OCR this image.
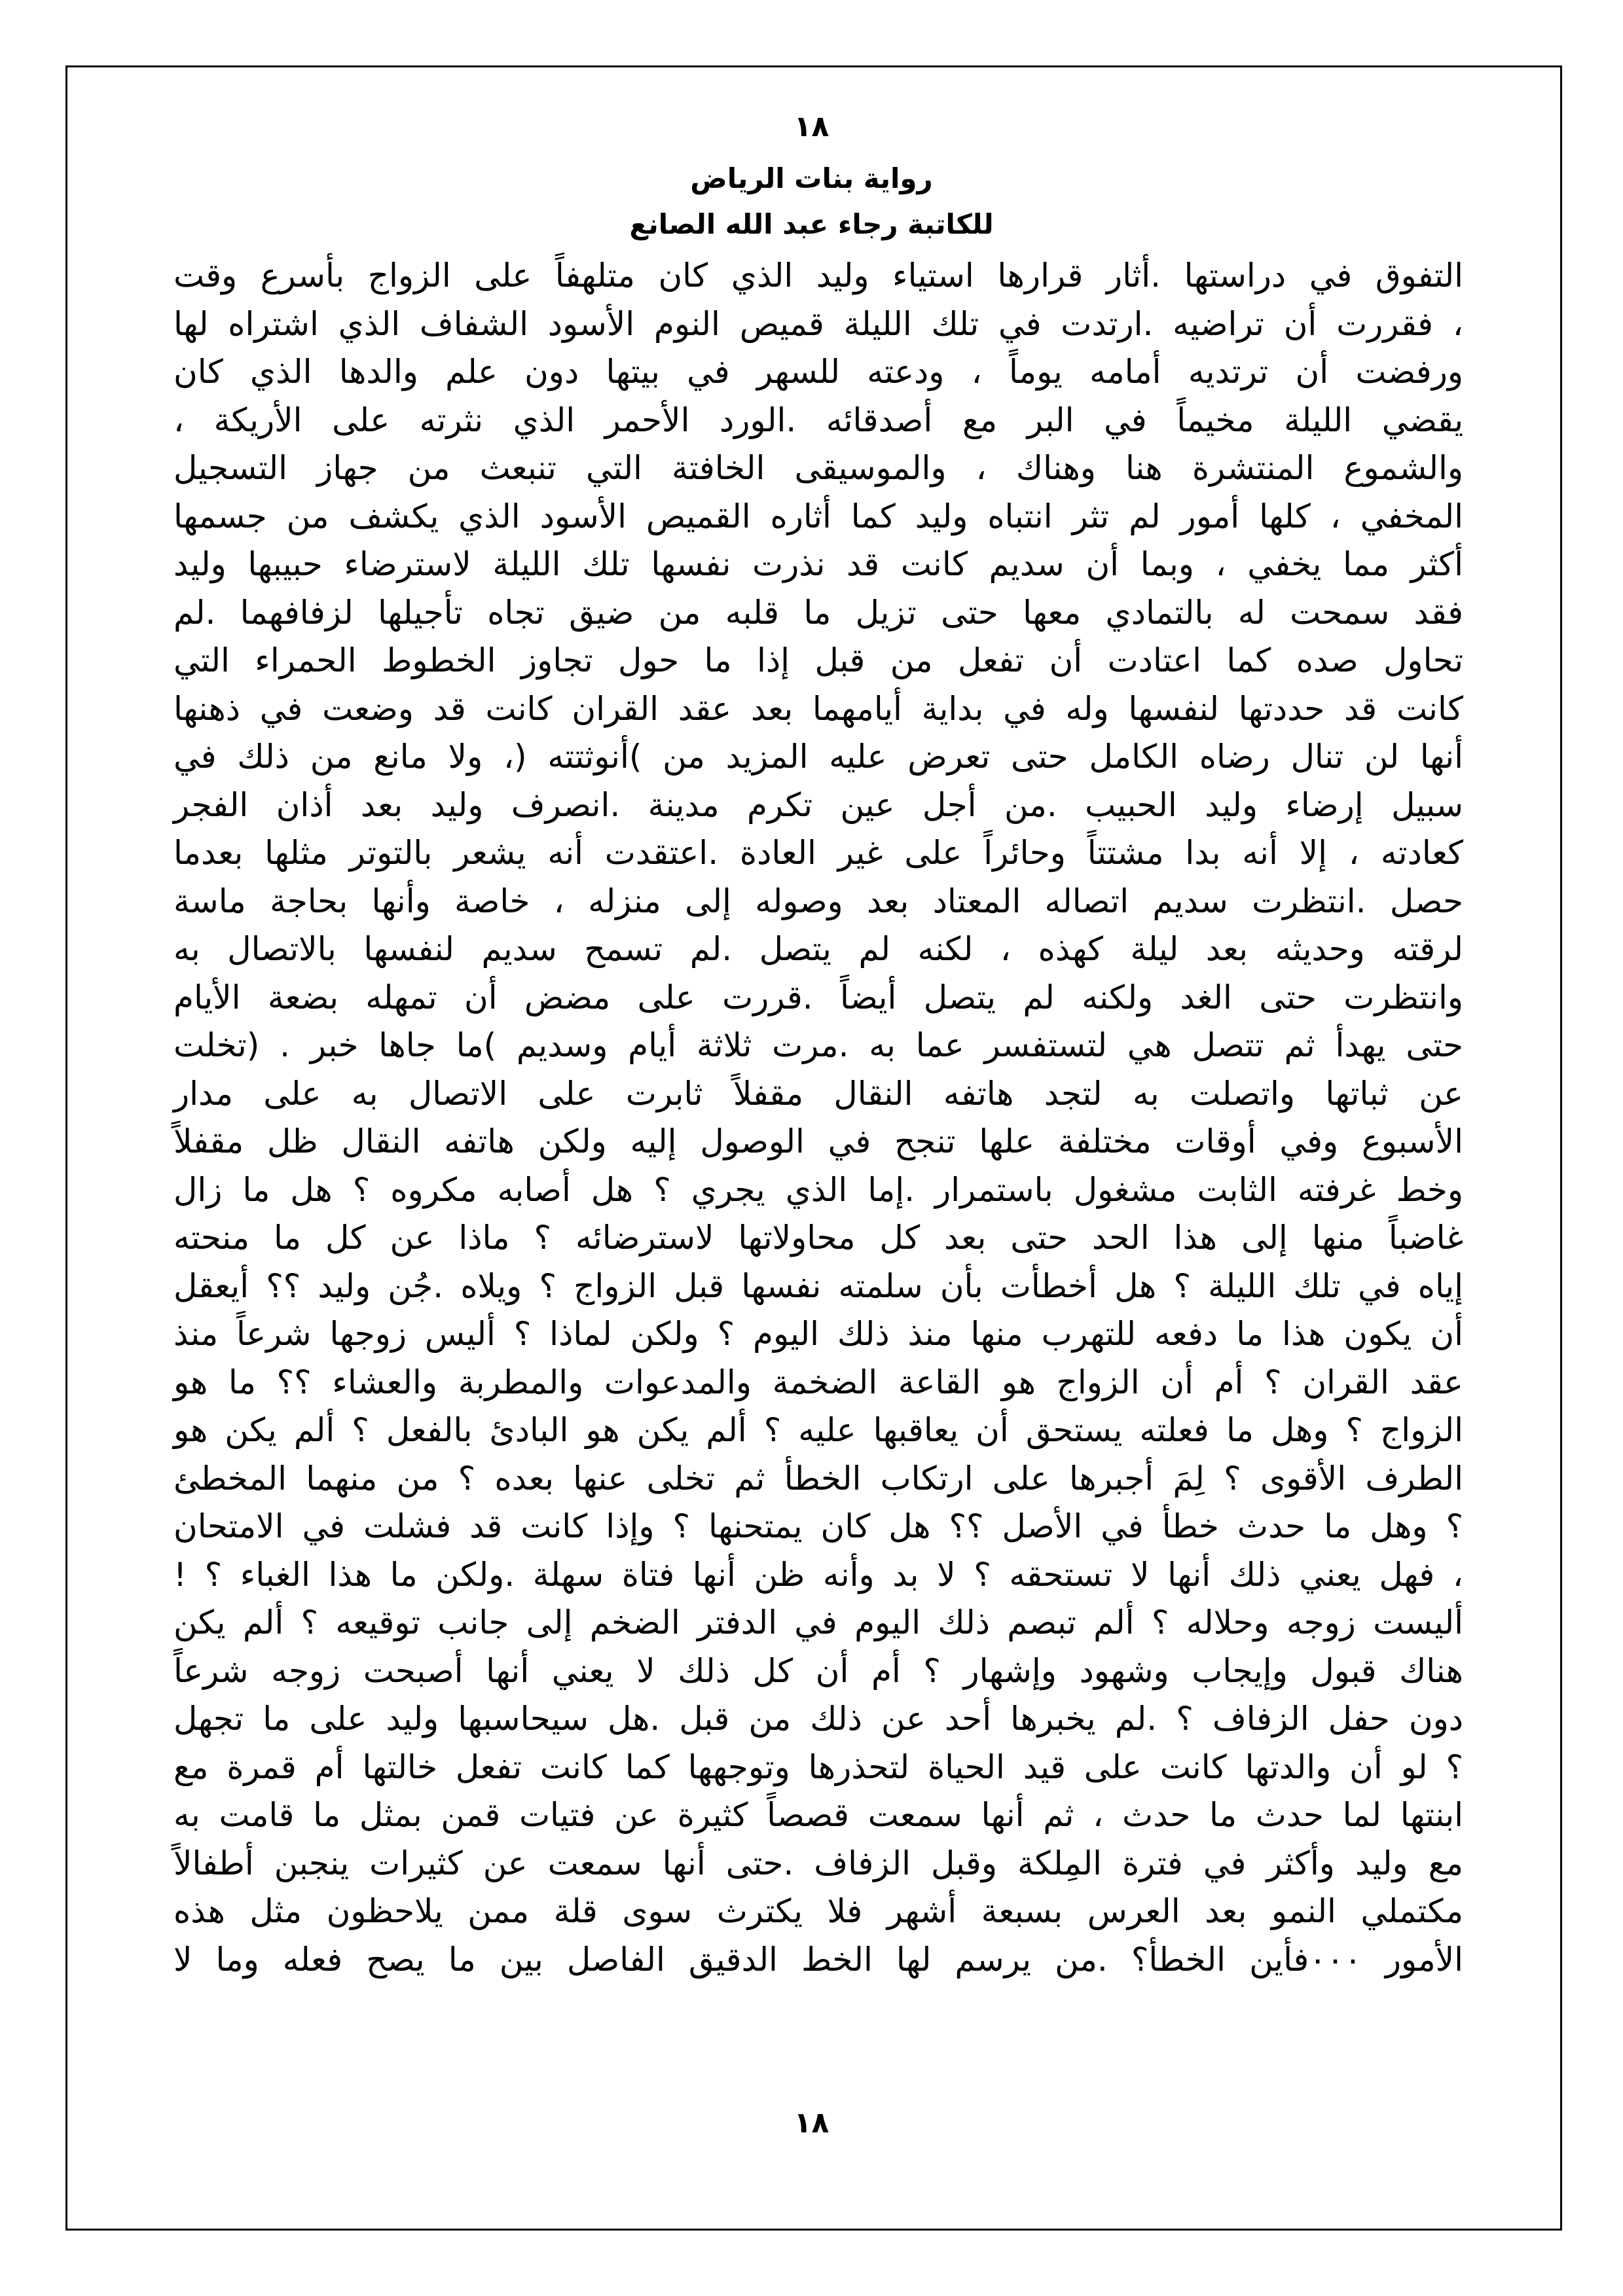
١٨
رواية بنات الرياض
للكاتبة رجاء عبد الله الصانع
التفوق في دراستها .أثار قرارها استياء وليد الذي كان متلهفاً على الزواج بأسرع وقت
، فقررت أن تراضيه .ارتدت في تلك الليلة قميص النوم الأسود الشفاف الذي اشتراه لها
ورفضت أن ترتديه أمامه يوماً ، ودعته للسهر في بيتها دون علم والدها الذي كان
يقضي الليلة مخيماً في البر مع أصدقائه .الورد الأحمر الذي نثرته على الأريكة ،
والشموع المنتشرة هنا وهناك ، والموسيقى الخافتة التي تنبعث من جهاز التسجيل
المخفي ، كلها أمور لم تثر انتباه وليد كما أثاره القميص الأسود الذي يكشف من جسمها
أكثر مما يخفي ، وبما أن سديم كانت قد نذرت نفسها تلك الليلة لاسترضاء حبيبها وليد
فقد سمحت له بالتمادي معها حتى تزيل ما قلبه من ضيق تجاه تأجيلها لزفافهما .لم
تحاول صده كما اعتادت أن تفعل من قبل إذا ما حول تجاوز الخطوط الحمراء التي
كانت قد حددتها لنفسها وله في بداية أيامهما بعد عقد القران كانت قد وضعت في ذهنها
أنها لن تنال رضاه الكامل حتى تعرض عليه المزيد من )أنوثتته (، ولا مانع من ذلك في
سبيل إرضاء وليد الحبيب .من أجل عين تكرم مدينة .انصرف وليد بعد أذان الفجر
كعادته ، إلا أنه بدا مشتتاً وحائراً على غير العادة .اعتقدت أنه يشعر بالتوتر مثلها بعدما
حصل .انتظرت سديم اتصاله المعتاد بعد وصوله إلى منزله ، خاصة وأنها بحاجة ماسة
لرقته وحديثه بعد ليلة كهذه ، لكنه لم يتصل .لم تسمح سديم لنفسها بالاتصال به
وانتظرت حتى الغد ولكنه لم يتصل أيضاً .قررت على مضض أن تمهله بضعة الأيام
حتى يهدأ ثم تتصل هي لتستفسر عما به .مرت ثلاثة أيام وسديم )ما جاها خبر . (تخلت
عن ثباتها واتصلت به لتجد هاتفه النقال مقفلاً ثابرت على الاتصال به على مدار
الأسبوع وفي أوقات مختلفة علها تنجح في الوصول إليه ولكن هاتفه النقال ظل مقفلاً
وخط غرفته الثابت مشغول باستمرار .إما الذي يجري ؟ هل أصابه مكروه ؟ هل ما زال
غاضباً منها إلى هذا الحد حتى بعد كل محاولاتها لاسترضائه ؟ ماذا عن كل ما منحته
إياه في تلك الليلة ؟ هل أخطأت بأن سلمته نفسها قبل الزواج ؟ ويلاه .جُن وليد ؟؟ أيعقل
أن يكون هذا ما دفعه للتهرب منها منذ ذلك اليوم ؟ ولكن لماذا ؟ أليس زوجها شرعاً منذ
عقد القران ؟ أم أن الزواج هو القاعة الضخمة والمدعوات والمطربة والعشاء ؟؟ ما هو
الزواج ؟ وهل ما فعلته يستحق أن يعاقبها عليه ؟ ألم يكن هو البادئ بالفعل ؟ ألم يكن هو
الطرف الأقوى ؟ لِمَ أجبرها على ارتكاب الخطأ ثم تخلى عنها بعده ؟ من منهما المخطئ
؟ وهل ما حدث خطأ في الأصل ؟؟ هل كان يمتحنها ؟ وإذا كانت قد فشلت في الامتحان
، فهل يعني ذلك أنها لا تستحقه ؟ لا بد وأنه ظن أنها فتاة سهلة .ولكن ما هذا الغباء ؟ !
أليست زوجه وحلاله ؟ ألم تبصم ذلك اليوم في الدفتر الضخم إلى جانب توقيعه ؟ ألم يكن
هناك قبول وإيجاب وشهود وإشهار ؟ أم أن كل ذلك لا يعني أنها أصبحت زوجه شرعاً
دون حفل الزفاف ؟ .لم يخبرها أحد عن ذلك من قبل .هل سيحاسبها وليد على ما تجهل
؟ لو أن والدتها كانت على قيد الحياة لتحذرها وتوجهها كما كانت تفعل خالتها أم قمرة مع
ابنتها لما حدث ما حدث ، ثم أنها سمعت قصصاً كثيرة عن فتيات قمن بمثل ما قامت به
مع وليد وأكثر في فترة المِلكة وقبل الزفاف .حتى أنها سمعت عن كثيرات ينجبن أطفالاً
مكتملي النمو بعد العرس بسبعة أشهر فلا يكترث سوى قلة ممن يلاحظون مثل هذه
الأمور ٠٠٠فأين الخطأ؟ .من يرسم لها الخط الدقيق الفاصل بين ما يصح فعله وما لا
١٨
